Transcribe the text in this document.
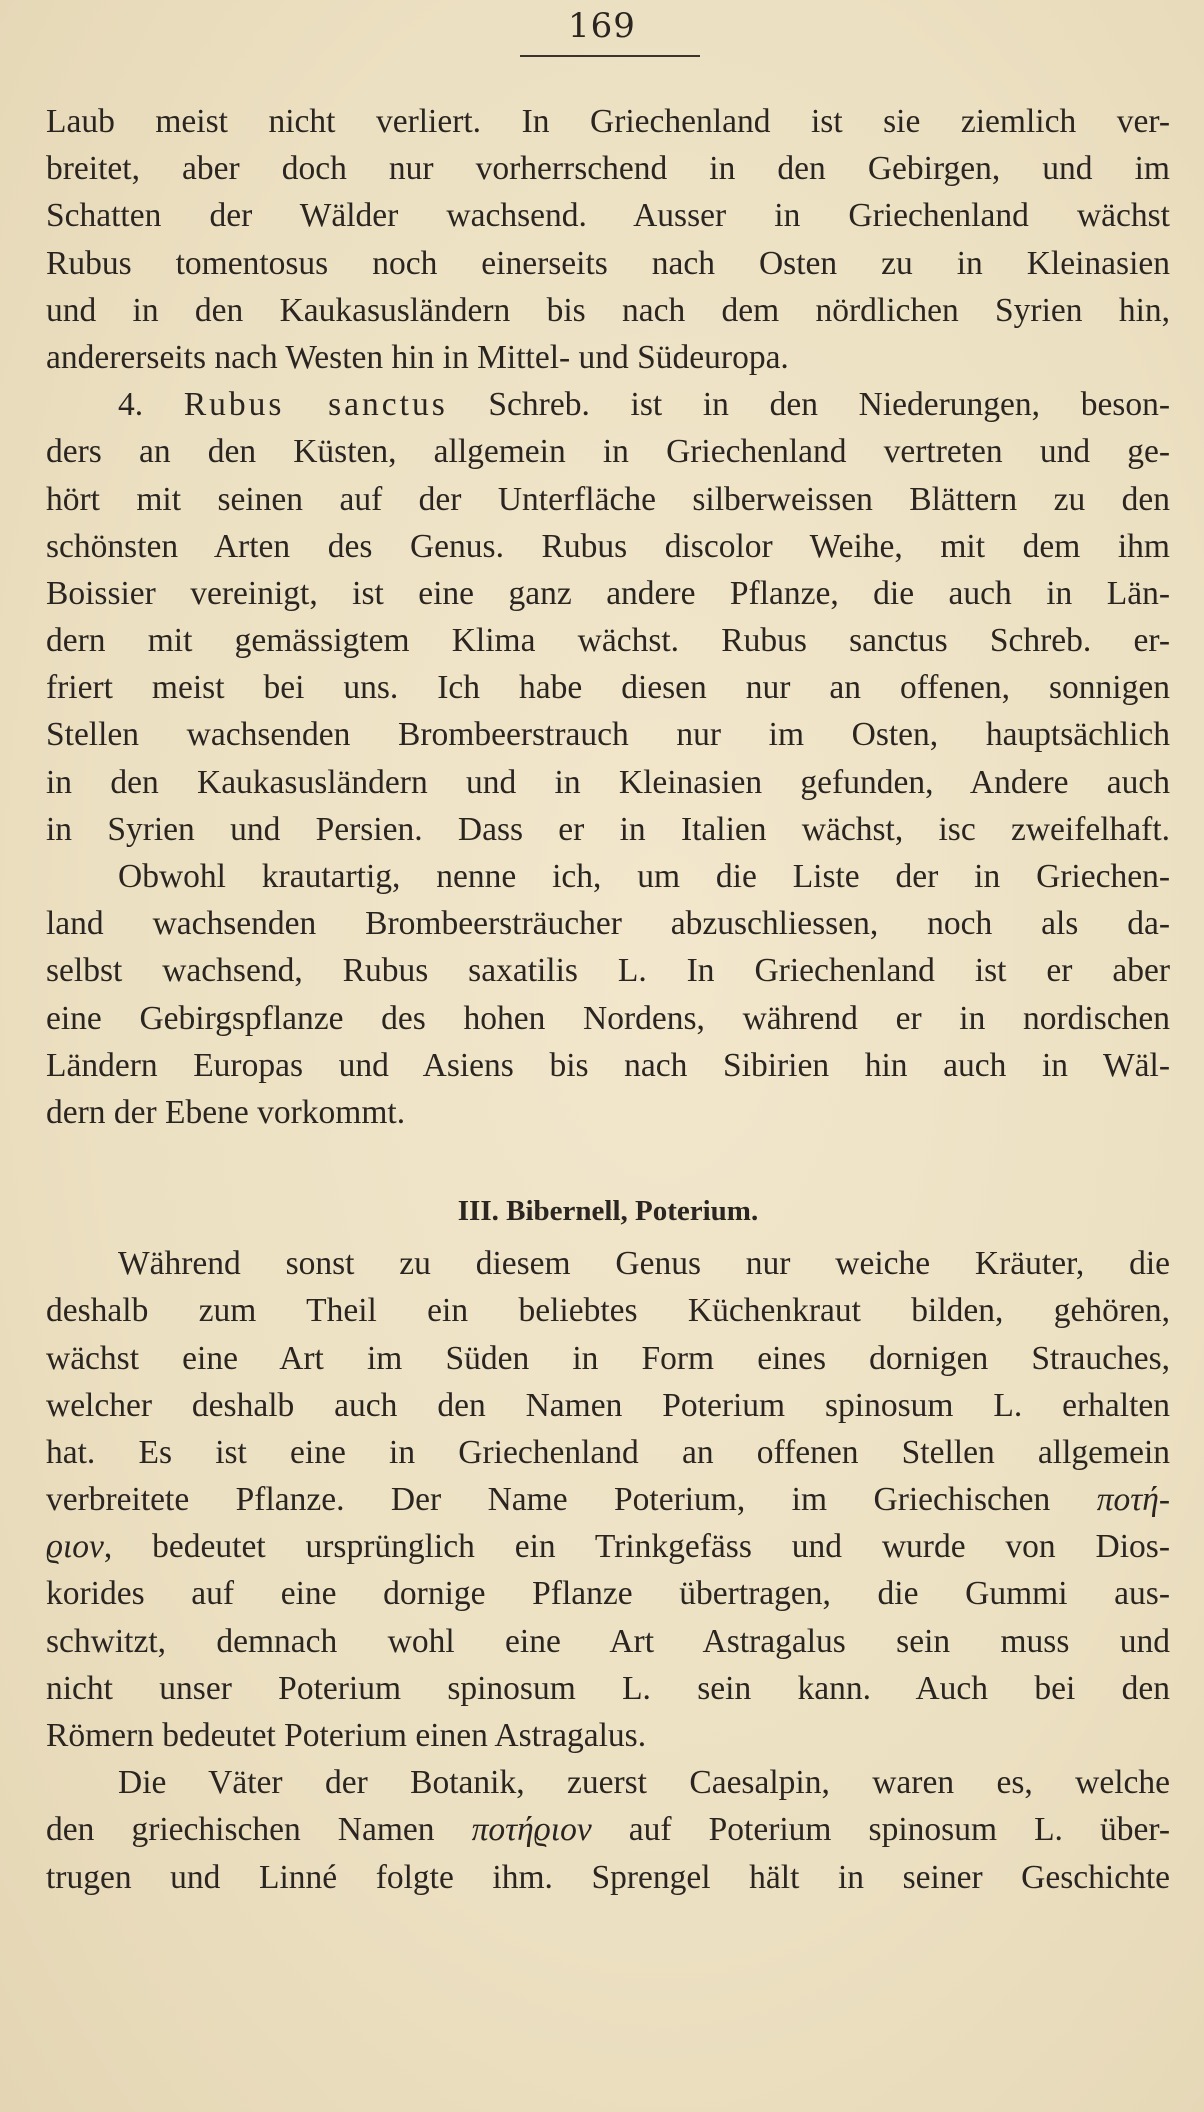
169
Laub meist nicht verliert. In Griechenland ist sie ziemlich ver-
breitet, aber doch nur vorherrschend in den Gebirgen, und im
Schatten der Wälder wachsend. Ausser in Griechenland wächst
Rubus tomentosus noch einerseits nach Osten zu in Kleinasien
und in den Kaukasusländern bis nach dem nördlichen Syrien hin,
andererseits nach Westen hin in Mittel- und Südeuropa.
4. Rubus sanctus Schreb. ist in den Niederungen, beson-
ders an den Küsten, allgemein in Griechenland vertreten und ge-
hört mit seinen auf der Unterfläche silberweissen Blättern zu den
schönsten Arten des Genus. Rubus discolor Weihe, mit dem ihm
Boissier vereinigt, ist eine ganz andere Pflanze, die auch in Län-
dern mit gemässigtem Klima wächst. Rubus sanctus Schreb. er-
friert meist bei uns. Ich habe diesen nur an offenen, sonnigen
Stellen wachsenden Brombeerstrauch nur im Osten, hauptsächlich
in den Kaukasusländern und in Kleinasien gefunden, Andere auch
in Syrien und Persien. Dass er in Italien wächst, isc zweifelhaft.
Obwohl krautartig, nenne ich, um die Liste der in Griechen-
land wachsenden Brombeersträucher abzuschliessen, noch als da-
selbst wachsend, Rubus saxatilis L. In Griechenland ist er aber
eine Gebirgspflanze des hohen Nordens, während er in nordischen
Ländern Europas und Asiens bis nach Sibirien hin auch in Wäl-
dern der Ebene vorkommt.
III. Bibernell, Poterium.
Während sonst zu diesem Genus nur weiche Kräuter, die
deshalb zum Theil ein beliebtes Küchenkraut bilden, gehören,
wächst eine Art im Süden in Form eines dornigen Strauches,
welcher deshalb auch den Namen Poterium spinosum L. erhalten
hat. Es ist eine in Griechenland an offenen Stellen allgemein
verbreitete Pflanze. Der Name Poterium, im Griechischen ποτή-
ϱιον, bedeutet ursprünglich ein Trinkgefäss und wurde von Dios-
korides auf eine dornige Pflanze übertragen, die Gummi aus-
schwitzt, demnach wohl eine Art Astragalus sein muss und
nicht unser Poterium spinosum L. sein kann. Auch bei den
Römern bedeutet Poterium einen Astragalus.
Die Väter der Botanik, zuerst Caesalpin, waren es, welche
den griechischen Namen ποτήϱιον auf Poterium spinosum L. über-
trugen und Linné folgte ihm. Sprengel hält in seiner Geschichte
